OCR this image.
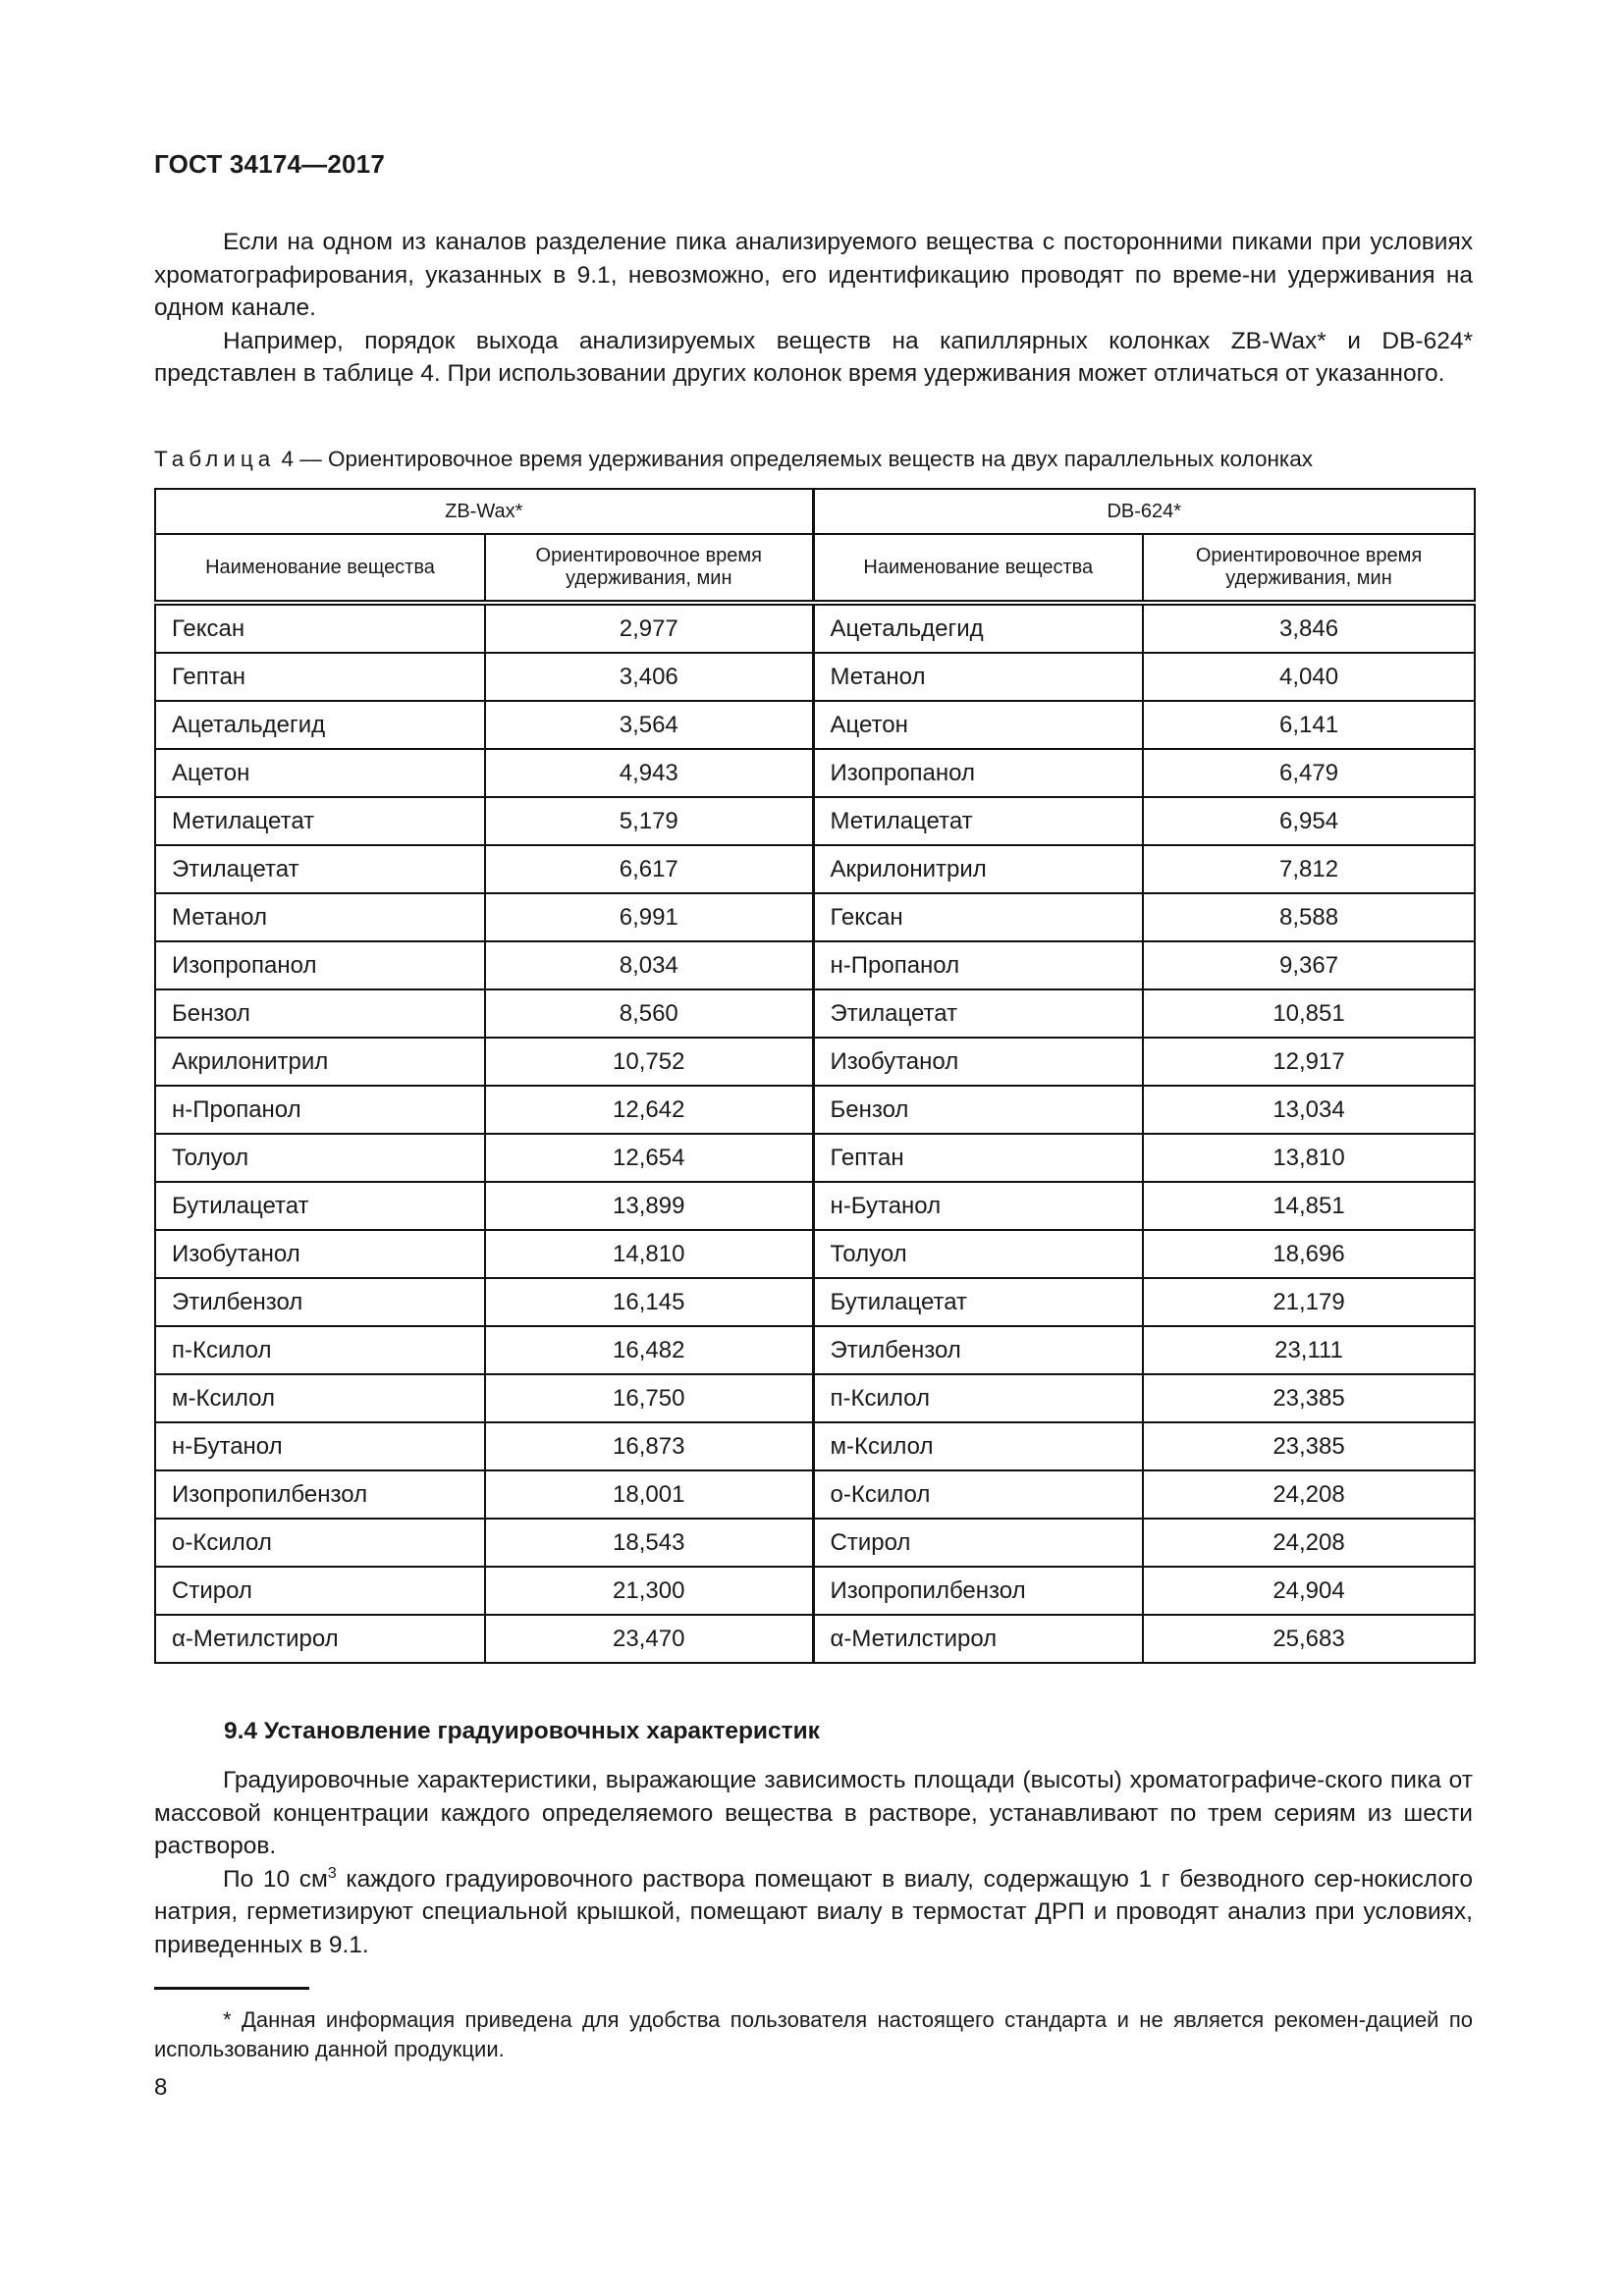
ГОСТ 34174—2017

Если на одном из каналов разделение пика анализируемого вещества с посторонними пиками при условиях хроматографирования, указанных в 9.1, невозможно, его идентификацию проводят по време-ни удерживания на одном канале.

Например, порядок выхода анализируемых веществ на капиллярных колонках ZB-Wax* и DB-624* представлен в таблице 4. При использовании других колонок время удерживания может отличаться от указанного.

Таблица 4 — Ориентировочное время удерживания определяемых веществ на двух параллельных колонках
ZB-Wax*		DB-624*	
Наименование вещества	Ориентировочное время удерживания, мин	Наименование вещества	Ориентировочное время удерживания, мин
Гексан	2,977	Ацетальдегид	3,846
Гептан	3,406	Метанол	4,040
Ацетальдегид	3,564	Ацетон	6,141
Ацетон	4,943	Изопропанол	6,479
Метилацетат	5,179	Метилацетат	6,954
Этилацетат	6,617	Акрилонитрил	7,812
Метанол	6,991	Гексан	8,588
Изопропанол	8,034	н-Пропанол	9,367
Бензол	8,560	Этилацетат	10,851
Акрилонитрил	10,752	Изобутанол	12,917
н-Пропанол	12,642	Бензол	13,034
Толуол	12,654	Гептан	13,810
Бутилацетат	13,899	н-Бутанол	14,851
Изобутанол	14,810	Толуол	18,696
Этилбензол	16,145	Бутилацетат	21,179
п-Ксилол	16,482	Этилбензол	23,111
м-Ксилол	16,750	п-Ксилол	23,385
н-Бутанол	16,873	м-Ксилол	23,385
Изопропилбензол	18,001	о-Ксилол	24,208
о-Ксилол	18,543	Стирол	24,208
Стирол	21,300	Изопропилбензол	24,904
α-Метилстирол	23,470	α-Метилстирол	25,683
9.4 Установление градуировочных характеристик

Градуировочные характеристики, выражающие зависимость площади (высоты) хроматографиче-ского пика от массовой концентрации каждого определяемого вещества в растворе, устанавливают по трем сериям из шести растворов.

По 10 $см^3$ каждого градуировочного раствора помещают в виалу, содержащую 1 г безводного сер-нокислого натрия, герметизируют специальной крышкой, помещают виалу в термостат ДРП и проводят анализ при условиях, приведенных в 9.1.

* Данная информация приведена для удобства пользователя настоящего стандарта и не является рекомен-дацией по использованию данной продукции.

8
